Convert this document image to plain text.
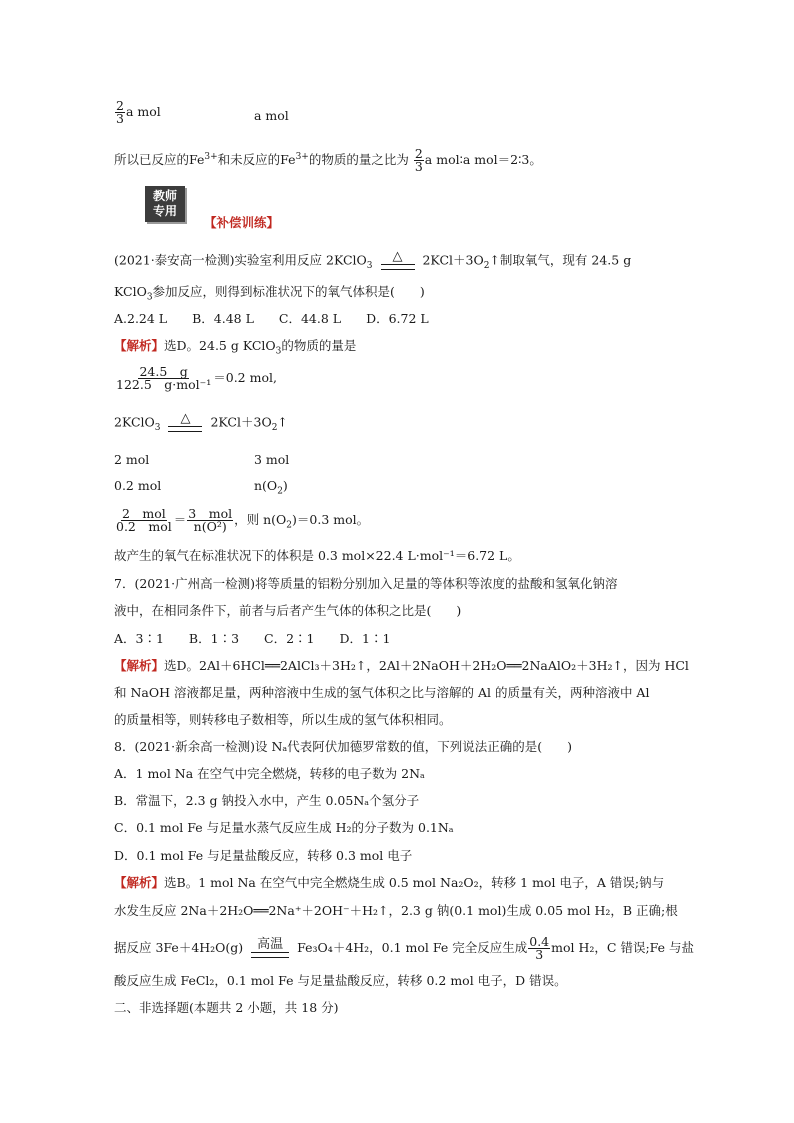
$\frac{2}{3}$ a mol	a mol
所以已反应的$Fe^{3+}$和未反应的$Fe^{3+}$的物质的量之比为 $\frac{2}{3}$ a mol∶a mol＝2∶3。
教师
专用
【补偿训练】
(2021·泰安高一检测)实验室利用反应 2KClO$_3$
△ $2KCl+3O_2↑$制取氧气，现有 24.5 g
KClO$_3$参加反应，则得到标准状况下的氧气体积是(　　)
A.2.24 L　　B．4.48 L　　C．44.8 L　　D．6.72 L
【解析】选D。24.5 g KClO$_3$的物质的量是
$\frac{24.5 g}{\text{122.5　g·mol⁻¹}} =0.2$ mol,
2KClO$_3$
△ $2KCl+3O_2↑$
2 mol	3 mol
0.2 mol	$n(O_2)$
$\frac{\text{2　mol}}{\text{0.2　mol}} = \frac{\text{3　mol}}{\text{n(O²)}}$ ，则 $n(O_2)=0.3$ mol。
故产生的氧气在标准状况下的体积是 0.3 mol×22.4 L·mol⁻¹＝6.72 L。
7．(2021·广州高一检测)将等质量的铝粉分别加入足量的等体积等浓度的盐酸和氢氧化钠溶
液中，在相同条件下，前者与后者产生气体的体积之比是(　　)
A．3∶1　　B．1∶3　　C．2∶1　　D．1∶1
【解析】选D。2Al＋6HCl══2AlCl₃＋3H₂↑，2Al＋2NaOH＋2H₂O══2NaAlO₂＋3H₂↑，因为 HCl
和 NaOH 溶液都足量，两种溶液中生成的氢气体积之比与溶解的 Al 的质量有关，两种溶液中 Al
的质量相等，则转移电子数相等，所以生成的氢气体积相同。
8．(2021·新余高一检测)设 Nₐ代表阿伏加德罗常数的值，下列说法正确的是(　　)
A．1 mol Na 在空气中完全燃烧，转移的电子数为 2Nₐ
B．常温下，2.3 g 钠投入水中，产生 0.05Nₐ个氢分子
C．0.1 mol Fe 与足量水蒸气反应生成 H₂的分子数为 0.1Nₐ
D．0.1 mol Fe 与足量盐酸反应，转移 0.3 mol 电子
【解析】选B。1 mol Na 在空气中完全燃烧生成 0.5 mol Na₂O₂，转移 1 mol 电子，A 错误;钠与
水发生反应 2Na＋2H₂O══2Na⁺＋2OH⁻＋H₂↑，2.3 g 钠(0.1 mol)生成 0.05 mol H₂，B 正确;根
据反应 3Fe＋4H₂O(g) 高温 Fe₃O₄＋4H₂，0.1 mol Fe 完全反应生成 $\frac{0.4}{3}$ mol H₂，C 错误;Fe 与盐
酸反应生成 FeCl₂，0.1 mol Fe 与足量盐酸反应，转移 0.2 mol 电子，D 错误。
二、非选择题(本题共 2 小题，共 18 分)
